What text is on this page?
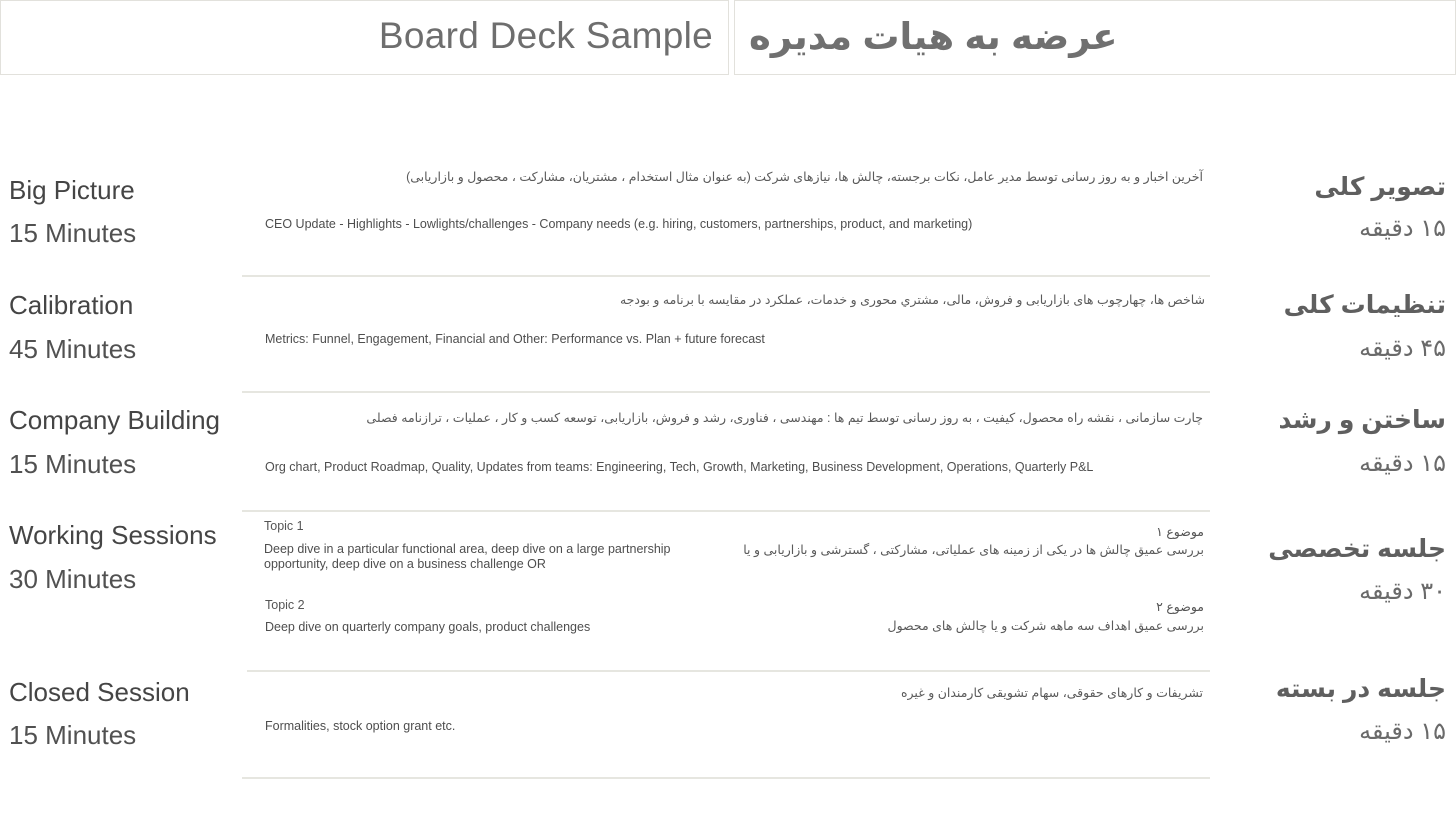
Board Deck Sample عرضه به هیات مدیره
Big Picture
15 Minutes
تصویر کلی
۱۵ دقیقه
آخرین اخبار و به روز رسانی توسط مدیر عامل، نکات برجسته، چالش ها، نیازهای شرکت (به عنوان مثال استخدام ، مشتریان، مشارکت ، محصول و بازاریابی)
CEO Update - Highlights - Lowlights/challenges - Company needs (e.g. hiring, customers, partnerships, product, and marketing)
Calibration
45 Minutes
تنظیمات کلی
۴۵ دقیقه
شاخص ها، چهارچوب های بازاریابی و فروش، مالی، مشتري محوری و خدمات، عملکرد در مقایسه با برنامه و بودجه
Metrics: Funnel, Engagement, Financial and Other: Performance vs. Plan + future forecast
Company Building
15 Minutes
ساختن و رشد
۱۵ دقیقه
چارت سازمانی ، نقشه راه محصول، کیفیت ، به روز رسانی توسط تیم ها : مهندسی ، فناوری، رشد و فروش، بازاریابی، توسعه کسب و کار ، عملیات ، ترازنامه فصلی
Org chart, Product Roadmap, Quality, Updates from teams: Engineering, Tech, Growth, Marketing, Business Development, Operations, Quarterly P&L
Working Sessions
30 Minutes
جلسه تخصصی
۳۰ دقیقه
Topic 1
Deep dive in a particular functional area, deep dive on a large partnership opportunity, deep dive on a business challenge OR
موضوع ۱
بررسی عمیق چالش ها در یکی از زمینه های عملیاتی، مشارکتی ، گسترشی و بازاریابی و یا
Topic 2
Deep dive on quarterly company goals, product challenges
موضوع ۲
بررسی عمیق اهداف سه ماهه شرکت و یا چالش های محصول
Closed Session
15 Minutes
جلسه در بسته
۱۵ دقیقه
تشریفات و کارهای حقوقی، سهام تشویقی کارمندان و غیره
Formalities, stock option grant etc.
